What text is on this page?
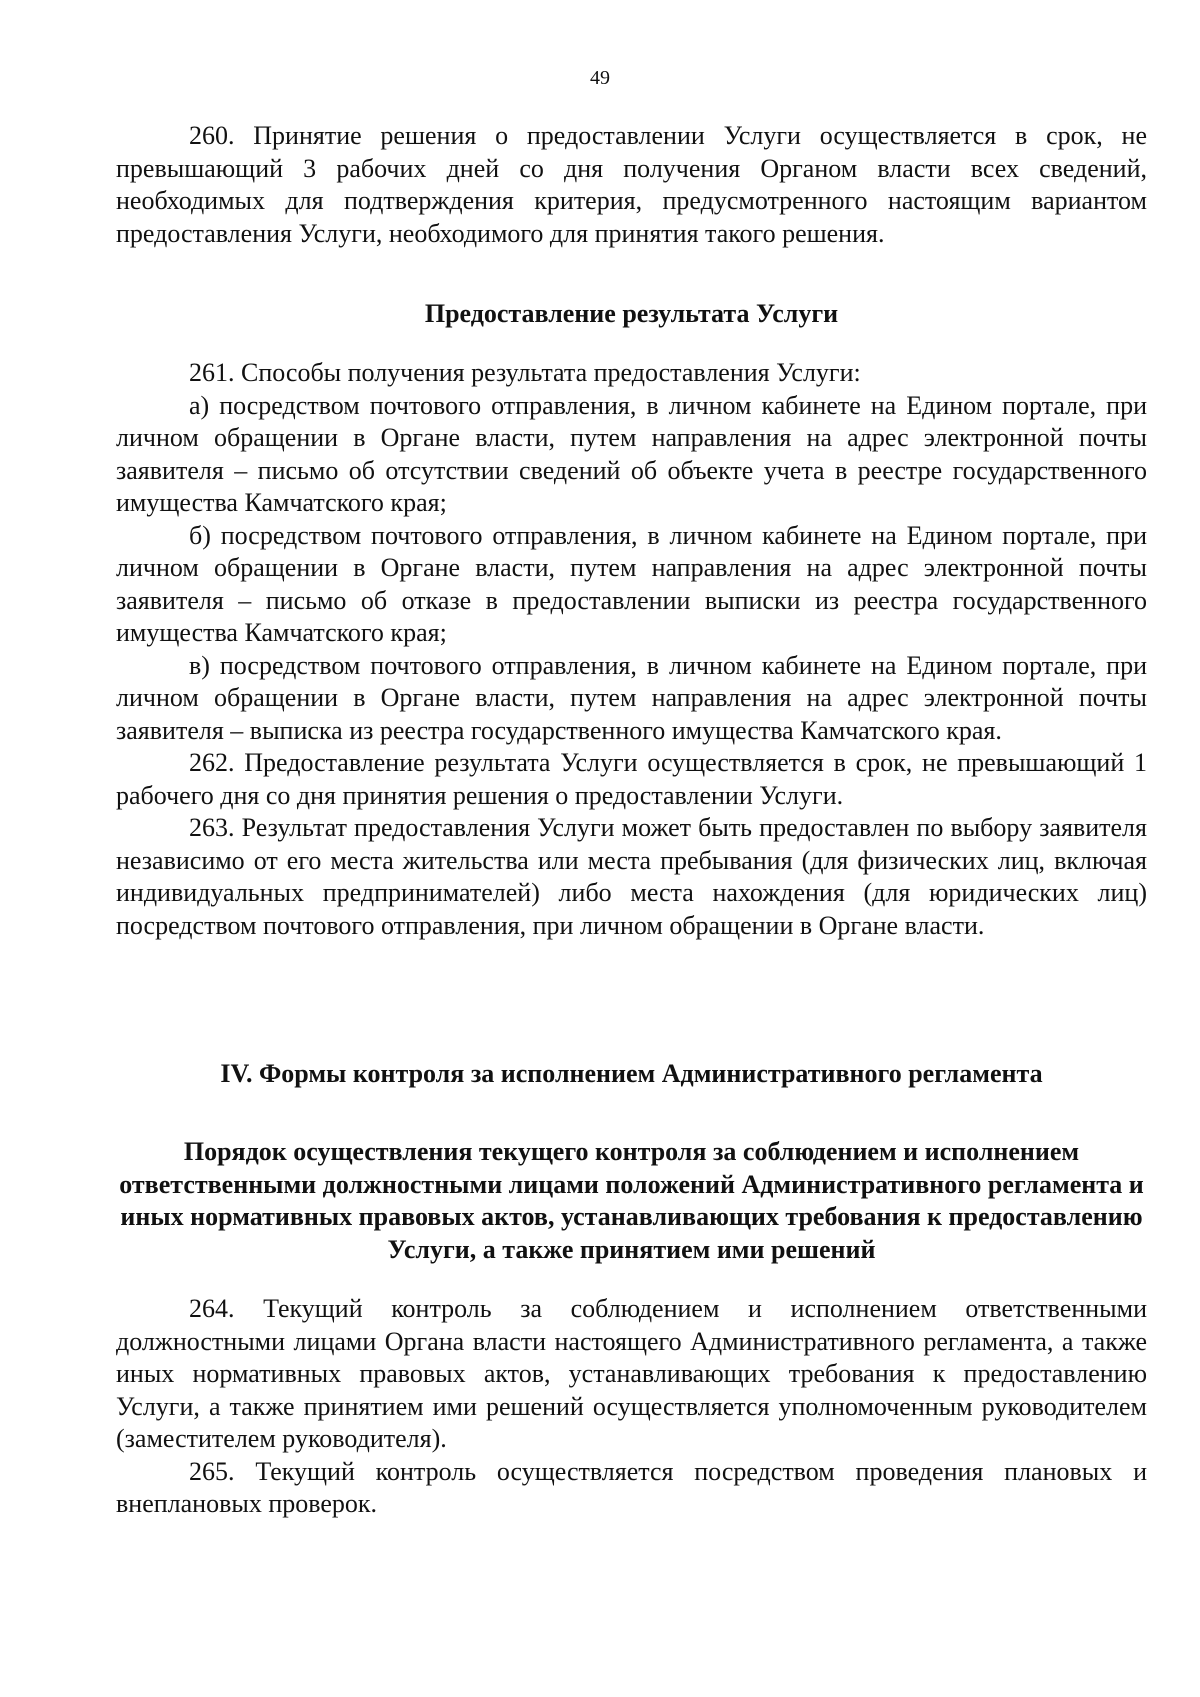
49

260. Принятие решения о предоставлении Услуги осуществляется в срок, не превышающий 3 рабочих дней со дня получения Органом власти всех сведений, необходимых для подтверждения критерия, предусмотренного настоящим вариантом предоставления Услуги, необходимого для принятия такого решения.

Предоставление результата Услуги

261. Способы получения результата предоставления Услуги:

а) посредством почтового отправления, в личном кабинете на Едином портале, при личном обращении в Органе власти, путем направления на адрес электронной почты заявителя – письмо об отсутствии сведений об объекте учета в реестре государственного имущества Камчатского края;

б) посредством почтового отправления, в личном кабинете на Едином портале, при личном обращении в Органе власти, путем направления на адрес электронной почты заявителя – письмо об отказе в предоставлении выписки из реестра государственного имущества Камчатского края;

в) посредством почтового отправления, в личном кабинете на Едином портале, при личном обращении в Органе власти, путем направления на адрес электронной почты заявителя – выписка из реестра государственного имущества Камчатского края.

262. Предоставление результата Услуги осуществляется в срок, не превышающий 1 рабочего дня со дня принятия решения о предоставлении Услуги.

263. Результат предоставления Услуги может быть предоставлен по выбору заявителя независимо от его места жительства или места пребывания (для физических лиц, включая индивидуальных предпринимателей) либо места нахождения (для юридических лиц) посредством почтового отправления, при личном обращении в Органе власти.

IV. Формы контроля за исполнением Административного регламента

Порядок осуществления текущего контроля за соблюдением и исполнением ответственными должностными лицами положений Административного регламента и иных нормативных правовых актов, устанавливающих требования к предоставлению Услуги, а также принятием ими решений

264. Текущий контроль за соблюдением и исполнением ответственными должностными лицами Органа власти настоящего Административного регламента, а также иных нормативных правовых актов, устанавливающих требования к предоставлению Услуги, а также принятием ими решений осуществляется уполномоченным руководителем (заместителем руководителя).

265. Текущий контроль осуществляется посредством проведения плановых и внеплановых проверок.
